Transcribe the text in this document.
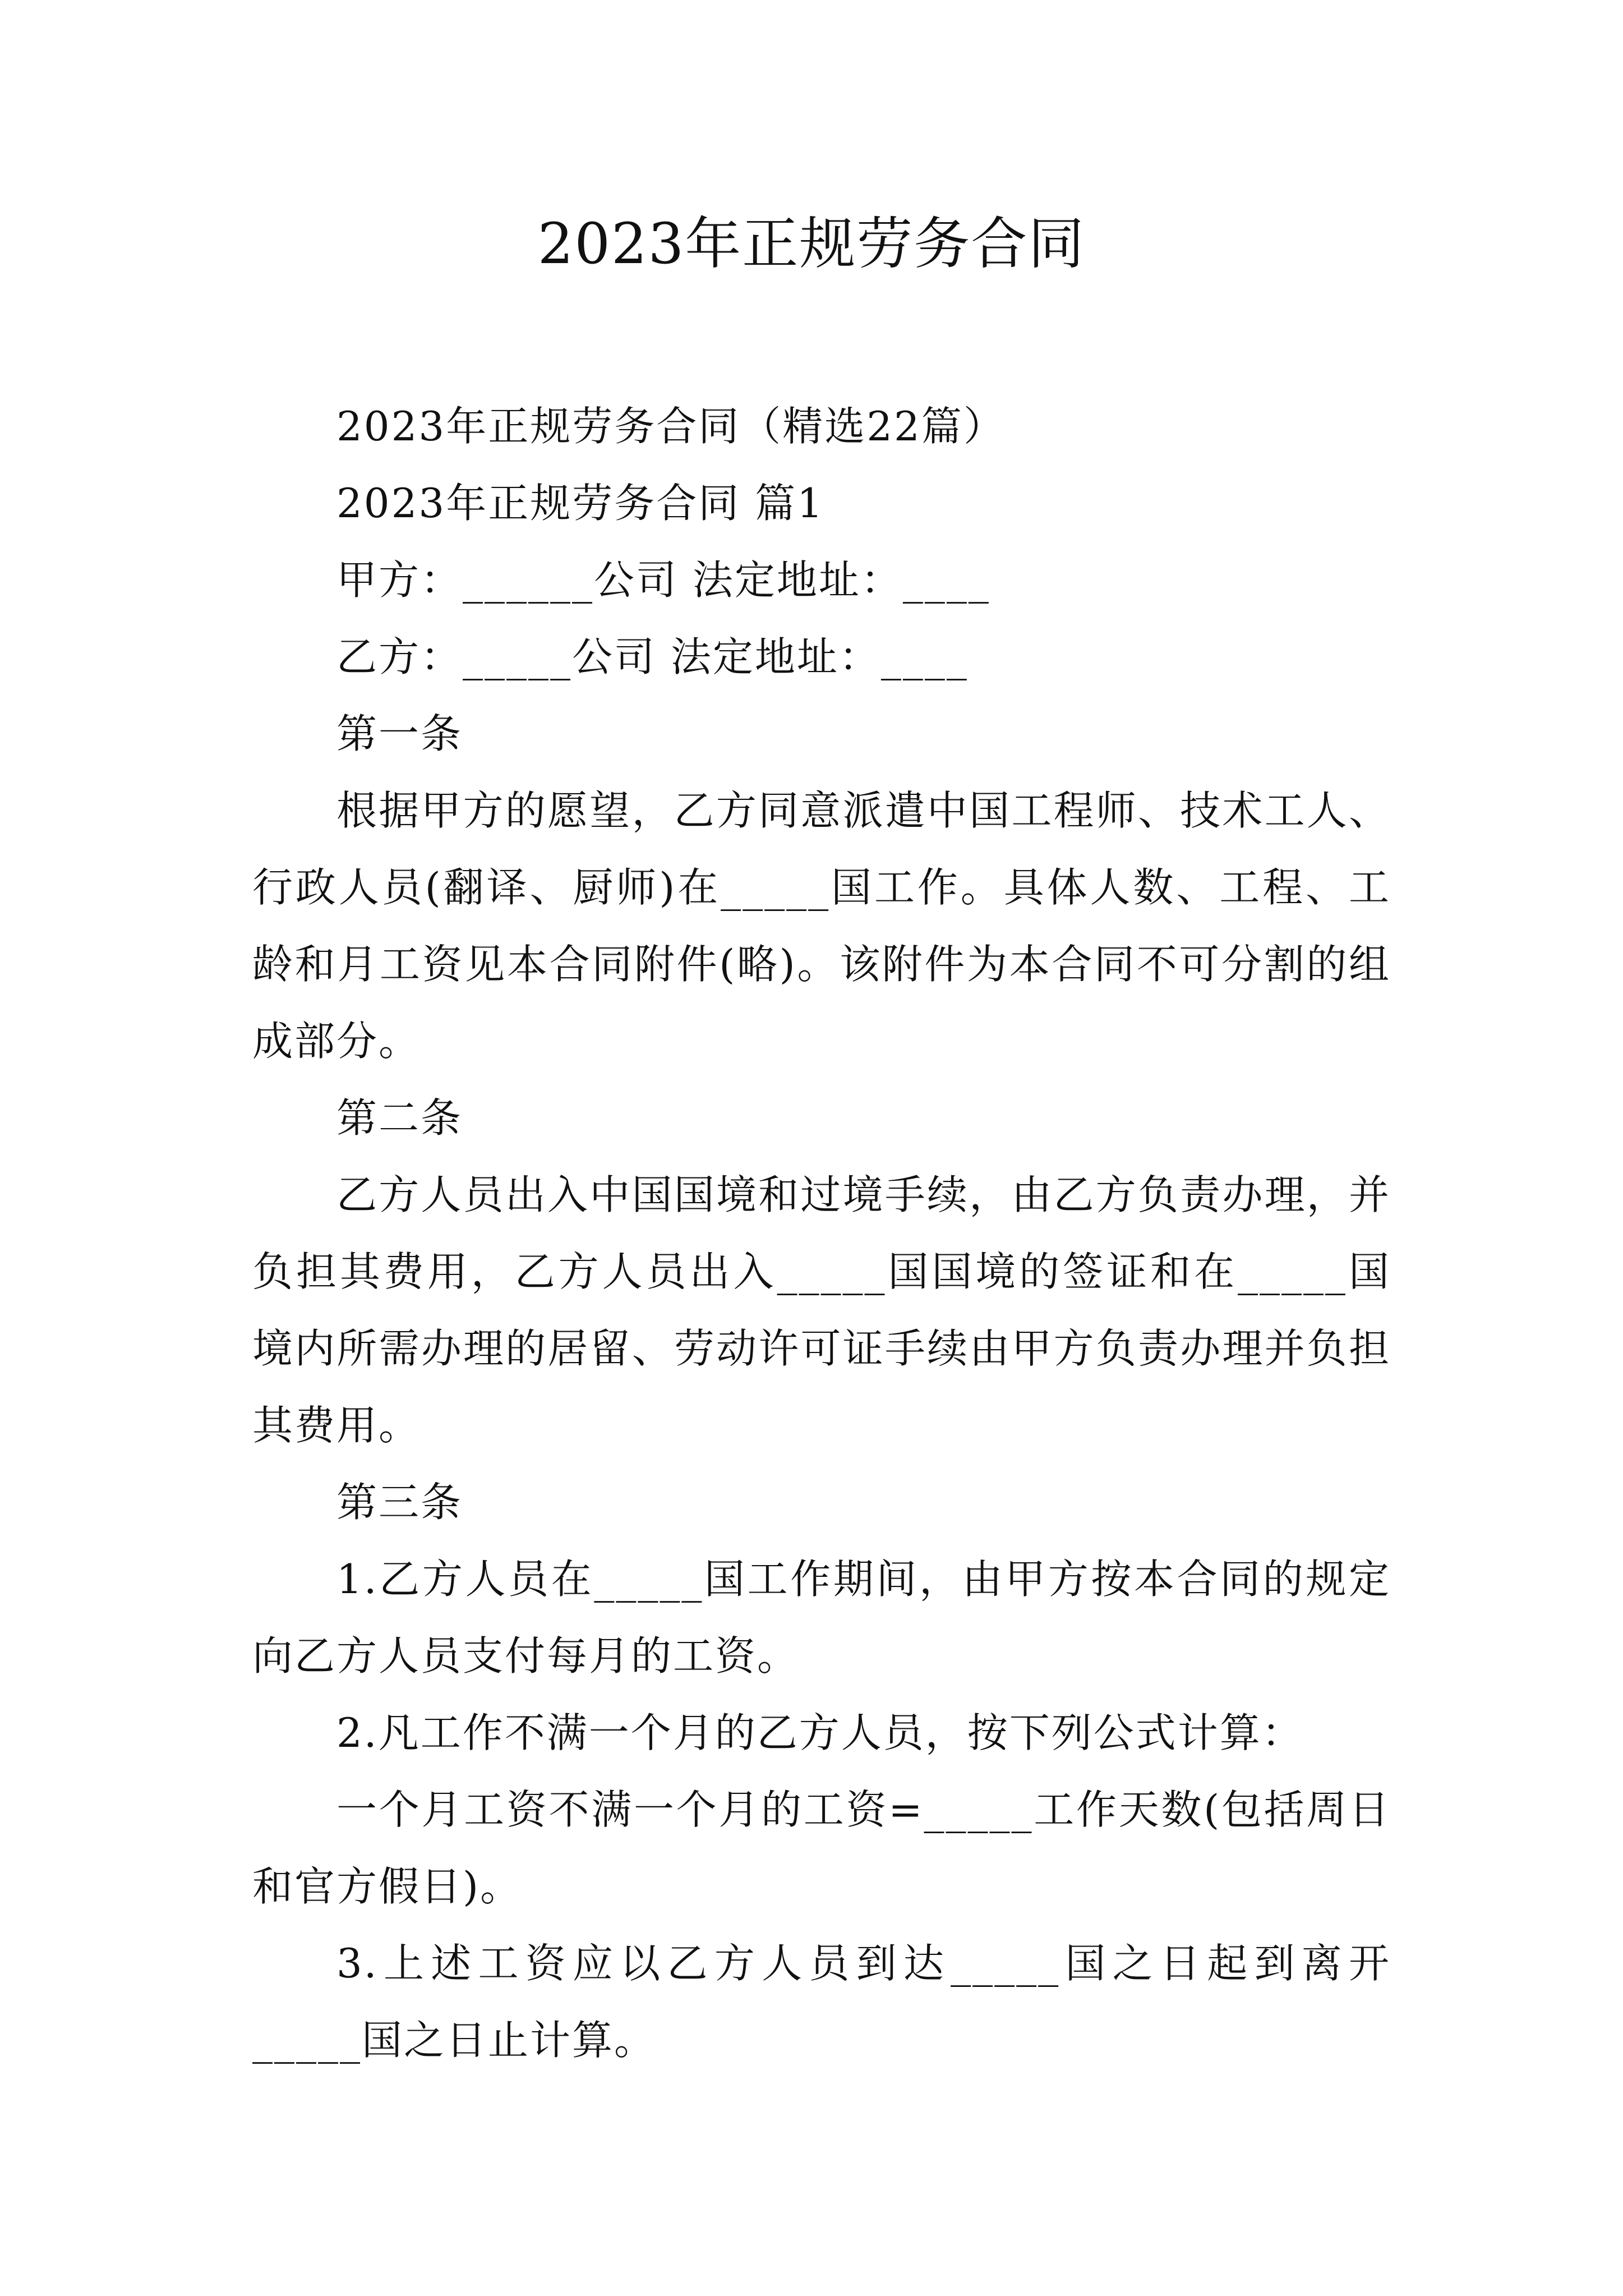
2023年正规劳务合同

2023年正规劳务合同（精选22篇）

2023年正规劳务合同 篇1

甲方：______公司 法定地址：____

乙方：_____公司 法定地址：____

第一条

根据甲方的愿望，乙方同意派遣中国工程师、技术工人、行政人员(翻译、厨师)在_____国工作。具体人数、工程、工龄和月工资见本合同附件(略)。该附件为本合同不可分割的组成部分。

第二条

乙方人员出入中国国境和过境手续，由乙方负责办理，并负担其费用，乙方人员出入_____国国境的签证和在_____国境内所需办理的居留、劳动许可证手续由甲方负责办理并负担其费用。

第三条

1.乙方人员在_____国工作期间，由甲方按本合同的规定向乙方人员支付每月的工资。

2.凡工作不满一个月的乙方人员，按下列公式计算：

一个月工资不满一个月的工资=_____工作天数(包括周日和官方假日)。

3.上述工资应以乙方人员到达_____国之日起到离开_____国之日止计算。
